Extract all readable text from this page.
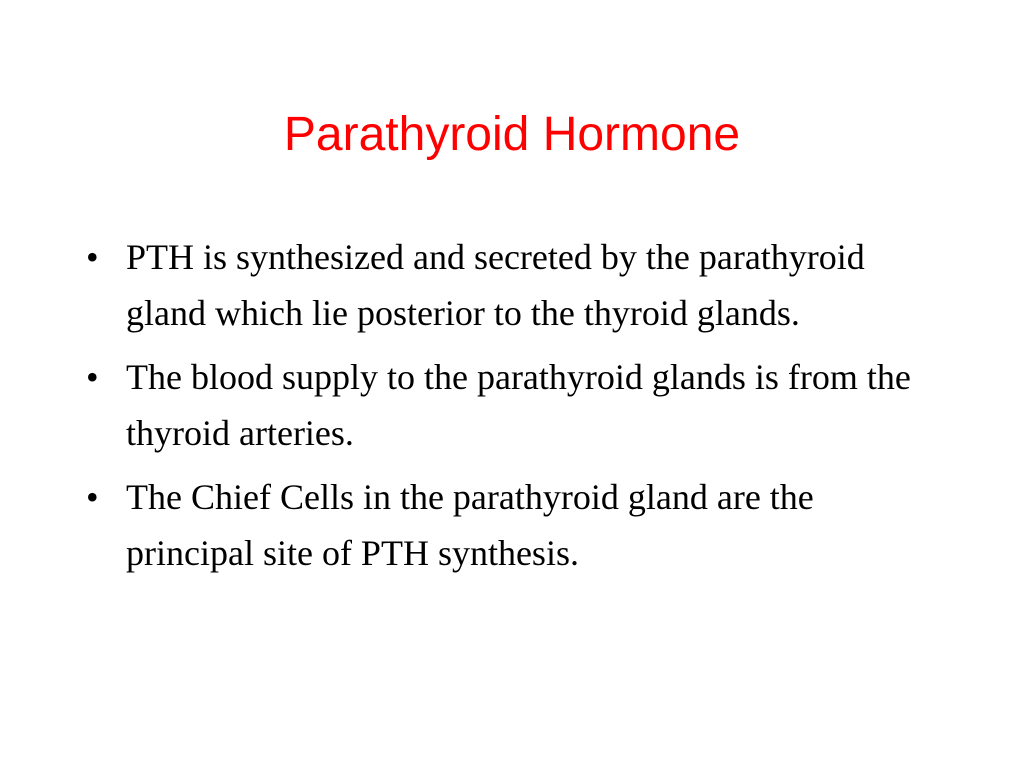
Parathyroid Hormone
• PTH is synthesized and secreted by the parathyroid gland which lie posterior to the thyroid glands.
• The blood supply to the parathyroid glands is from the thyroid arteries.
• The Chief Cells in the parathyroid gland are the principal site of PTH synthesis.
